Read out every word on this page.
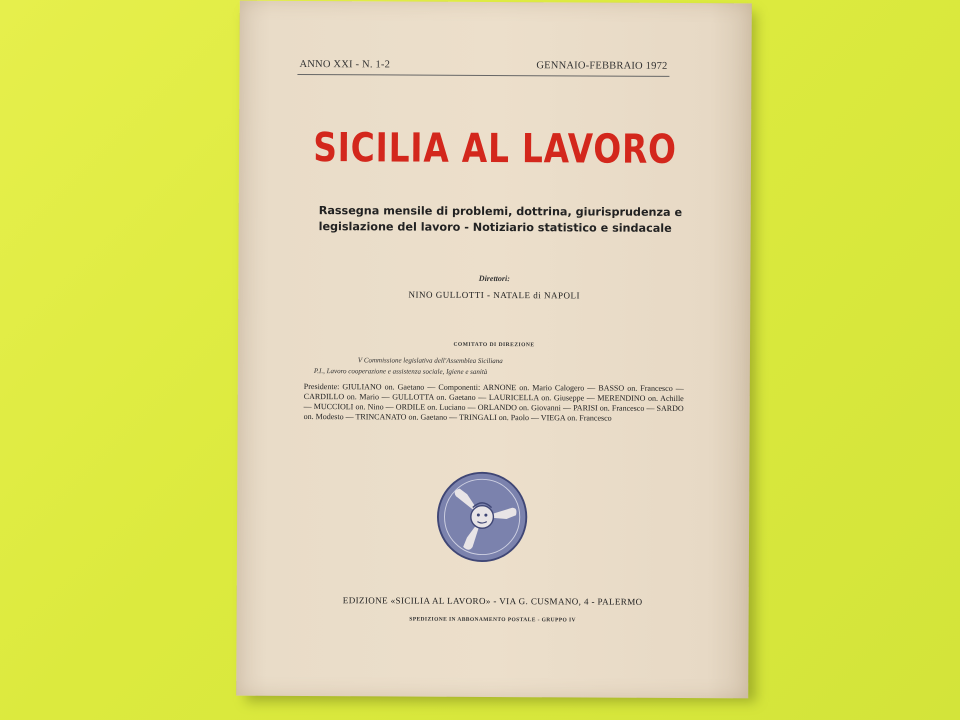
ANNO XXI - N. 1-2	GENNAIO-FEBBRAIO 1972
SICILIA AL LAVORO
Rassegna mensile di problemi, dottrina, giurisprudenza e
legislazione del lavoro - Notiziario statistico e sindacale
Direttori:
NINO GULLOTTI - NATALE di NAPOLI
COMITATO DI DIREZIONE
V Commissione legislativa dell'Assemblea Siciliana
P.I., Lavoro cooperazione e assistenza sociale, Igiene e sanità
Presidente: GIULIANO on. Gaetano — Componenti: ARNONE on. Mario Calogero — BASSO on. Francesco — CARDILLO on. Mario — GULLOTTA on. Gaetano — LAURICELLA on. Giuseppe — MERENDINO on. Achille — MUCCIOLI on. Nino — ORDILE on. Luciano — ORLANDO on. Giovanni — PARISI on. Francesco — SARDO on. Modesto — TRINCANATO on. Gaetano — TRINGALI on. Paolo — VIEGA on. Francesco
EDIZIONE «SICILIA AL LAVORO» - VIA G. CUSMANO, 4 - PALERMO
SPEDIZIONE IN ABBONAMENTO POSTALE - GRUPPO IV
